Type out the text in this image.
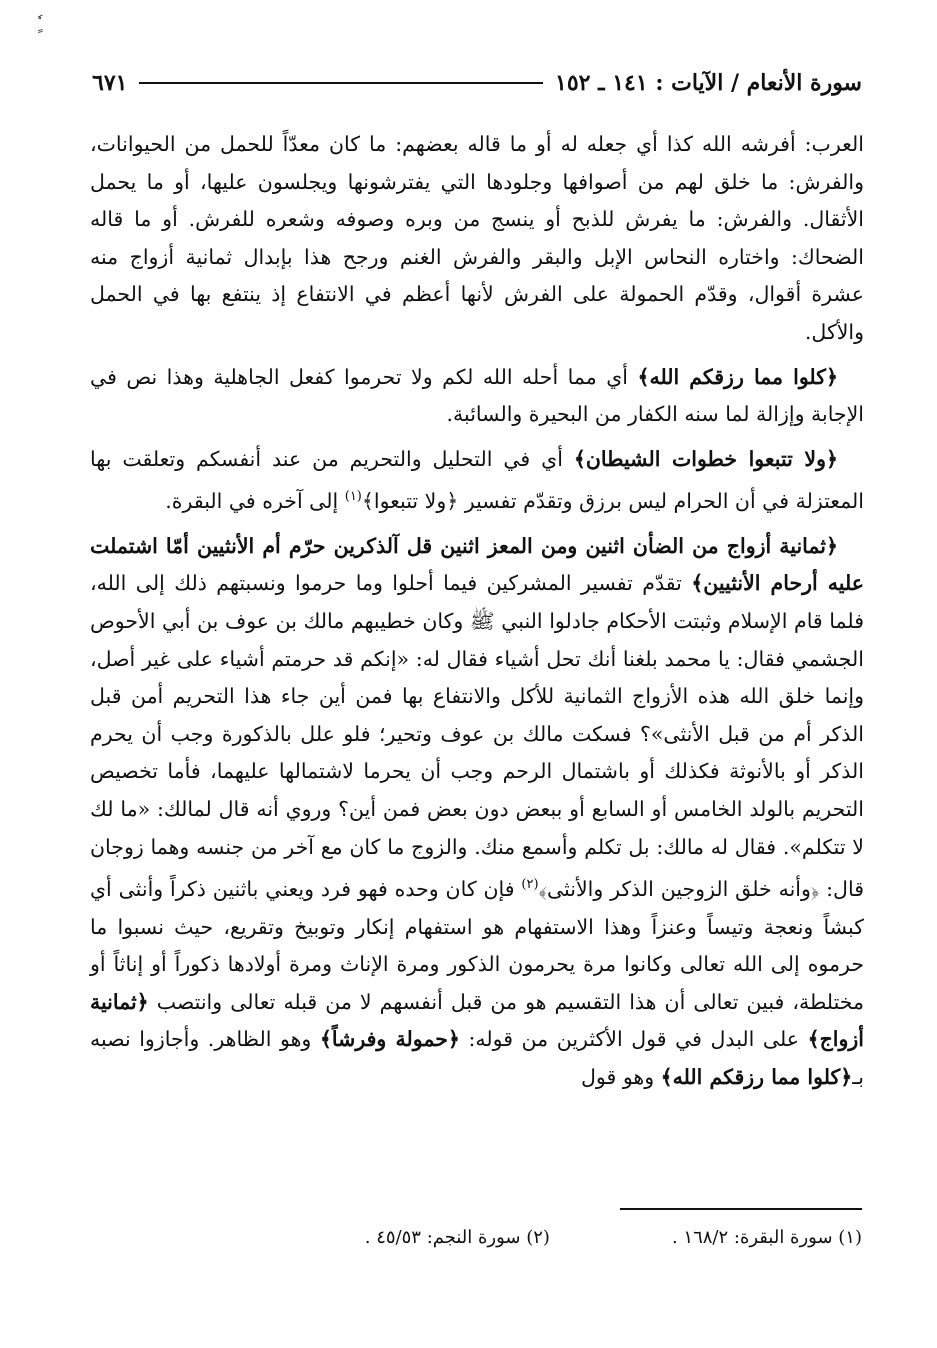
ٍ ٗ
سورة الأنعام / الآيات : ١٤١ ـ ١٥٢
٦٧١

العرب: أفرشه الله كذا أي جعله له أو ما قاله بعضهم: ما كان معدّاً للحمل من الحيوانات، والفرش: ما خلق لهم من أصوافها وجلودها التي يفترشونها ويجلسون عليها، أو ما يحمل الأثقال. والفرش: ما يفرش للذبح أو ينسج من وبره وصوفه وشعره للفرش. أو ما قاله الضحاك: واختاره النحاس الإبل والبقر والفرش الغنم ورجح هذا بإبدال ثمانية أزواج منه عشرة أقوال، وقدّم الحمولة على الفرش لأنها أعظم في الانتفاع إذ ينتفع بها في الحمل والأكل.

﴿كلوا مما رزقكم الله﴾ أي مما أحله الله لكم ولا تحرموا كفعل الجاهلية وهذا نص في الإجابة وإزالة لما سنه الكفار من البحيرة والسائبة.

﴿ولا تتبعوا خطوات الشيطان﴾ أي في التحليل والتحريم من عند أنفسكم وتعلقت بها المعتزلة في أن الحرام ليس برزق وتقدّم تفسير ﴿ولا تتبعوا﴾$^{(١)}$ إلى آخره في البقرة.

﴿ثمانية أزواج من الضأن اثنين ومن المعز اثنين قل آلذكرين حرّم أم الأنثيين أمّا اشتملت عليه أرحام الأنثيين﴾ تقدّم تفسير المشركين فيما أحلوا وما حرموا ونسبتهم ذلك إلى الله، فلما قام الإسلام وثبتت الأحكام جادلوا النبي ﷺ وكان خطيبهم مالك بن عوف بن أبي الأحوص الجشمي فقال: يا محمد بلغنا أنك تحل أشياء فقال له: «إنكم قد حرمتم أشياء على غير أصل، وإنما خلق الله هذه الأزواج الثمانية للأكل والانتفاع بها فمن أين جاء هذا التحريم أمن قبل الذكر أم من قبل الأنثى»؟ فسكت مالك بن عوف وتحير؛ فلو علل بالذكورة وجب أن يحرم الذكر أو بالأنوثة فكذلك أو باشتمال الرحم وجب أن يحرما لاشتمالها عليهما، فأما تخصيص التحريم بالولد الخامس أو السابع أو ببعض دون بعض فمن أين؟ وروي أنه قال لمالك: «ما لك لا تتكلم». فقال له مالك: بل تكلم وأسمع منك. والزوج ما كان مع آخر من جنسه وهما زوجان قال: ﴿وأنه خلق الزوجين الذكر والأنثى﴾$^{(٢)}$ فإن كان وحده فهو فرد ويعني باثنين ذكراً وأنثى أي كبشاً ونعجة وتيساً وعنزاً وهذا الاستفهام هو استفهام إنكار وتوبيخ وتقريع، حيث نسبوا ما حرموه إلى الله تعالى وكانوا مرة يحرمون الذكور ومرة الإناث ومرة أولادها ذكوراً أو إناثاً أو مختلطة، فبين تعالى أن هذا التقسيم هو من قبل أنفسهم لا من قبله تعالى وانتصب ﴿ثمانية أزواج﴾ على البدل في قول الأكثرين من قوله: ﴿حمولة وفرشاً﴾ وهو الظاهر. وأجازوا نصبه بـ﴿كلوا مما رزقكم الله﴾ وهو قول

(١) سورة البقرة: ١٦٨/٢ .
(٢) سورة النجم: ٤٥/٥٣ .
